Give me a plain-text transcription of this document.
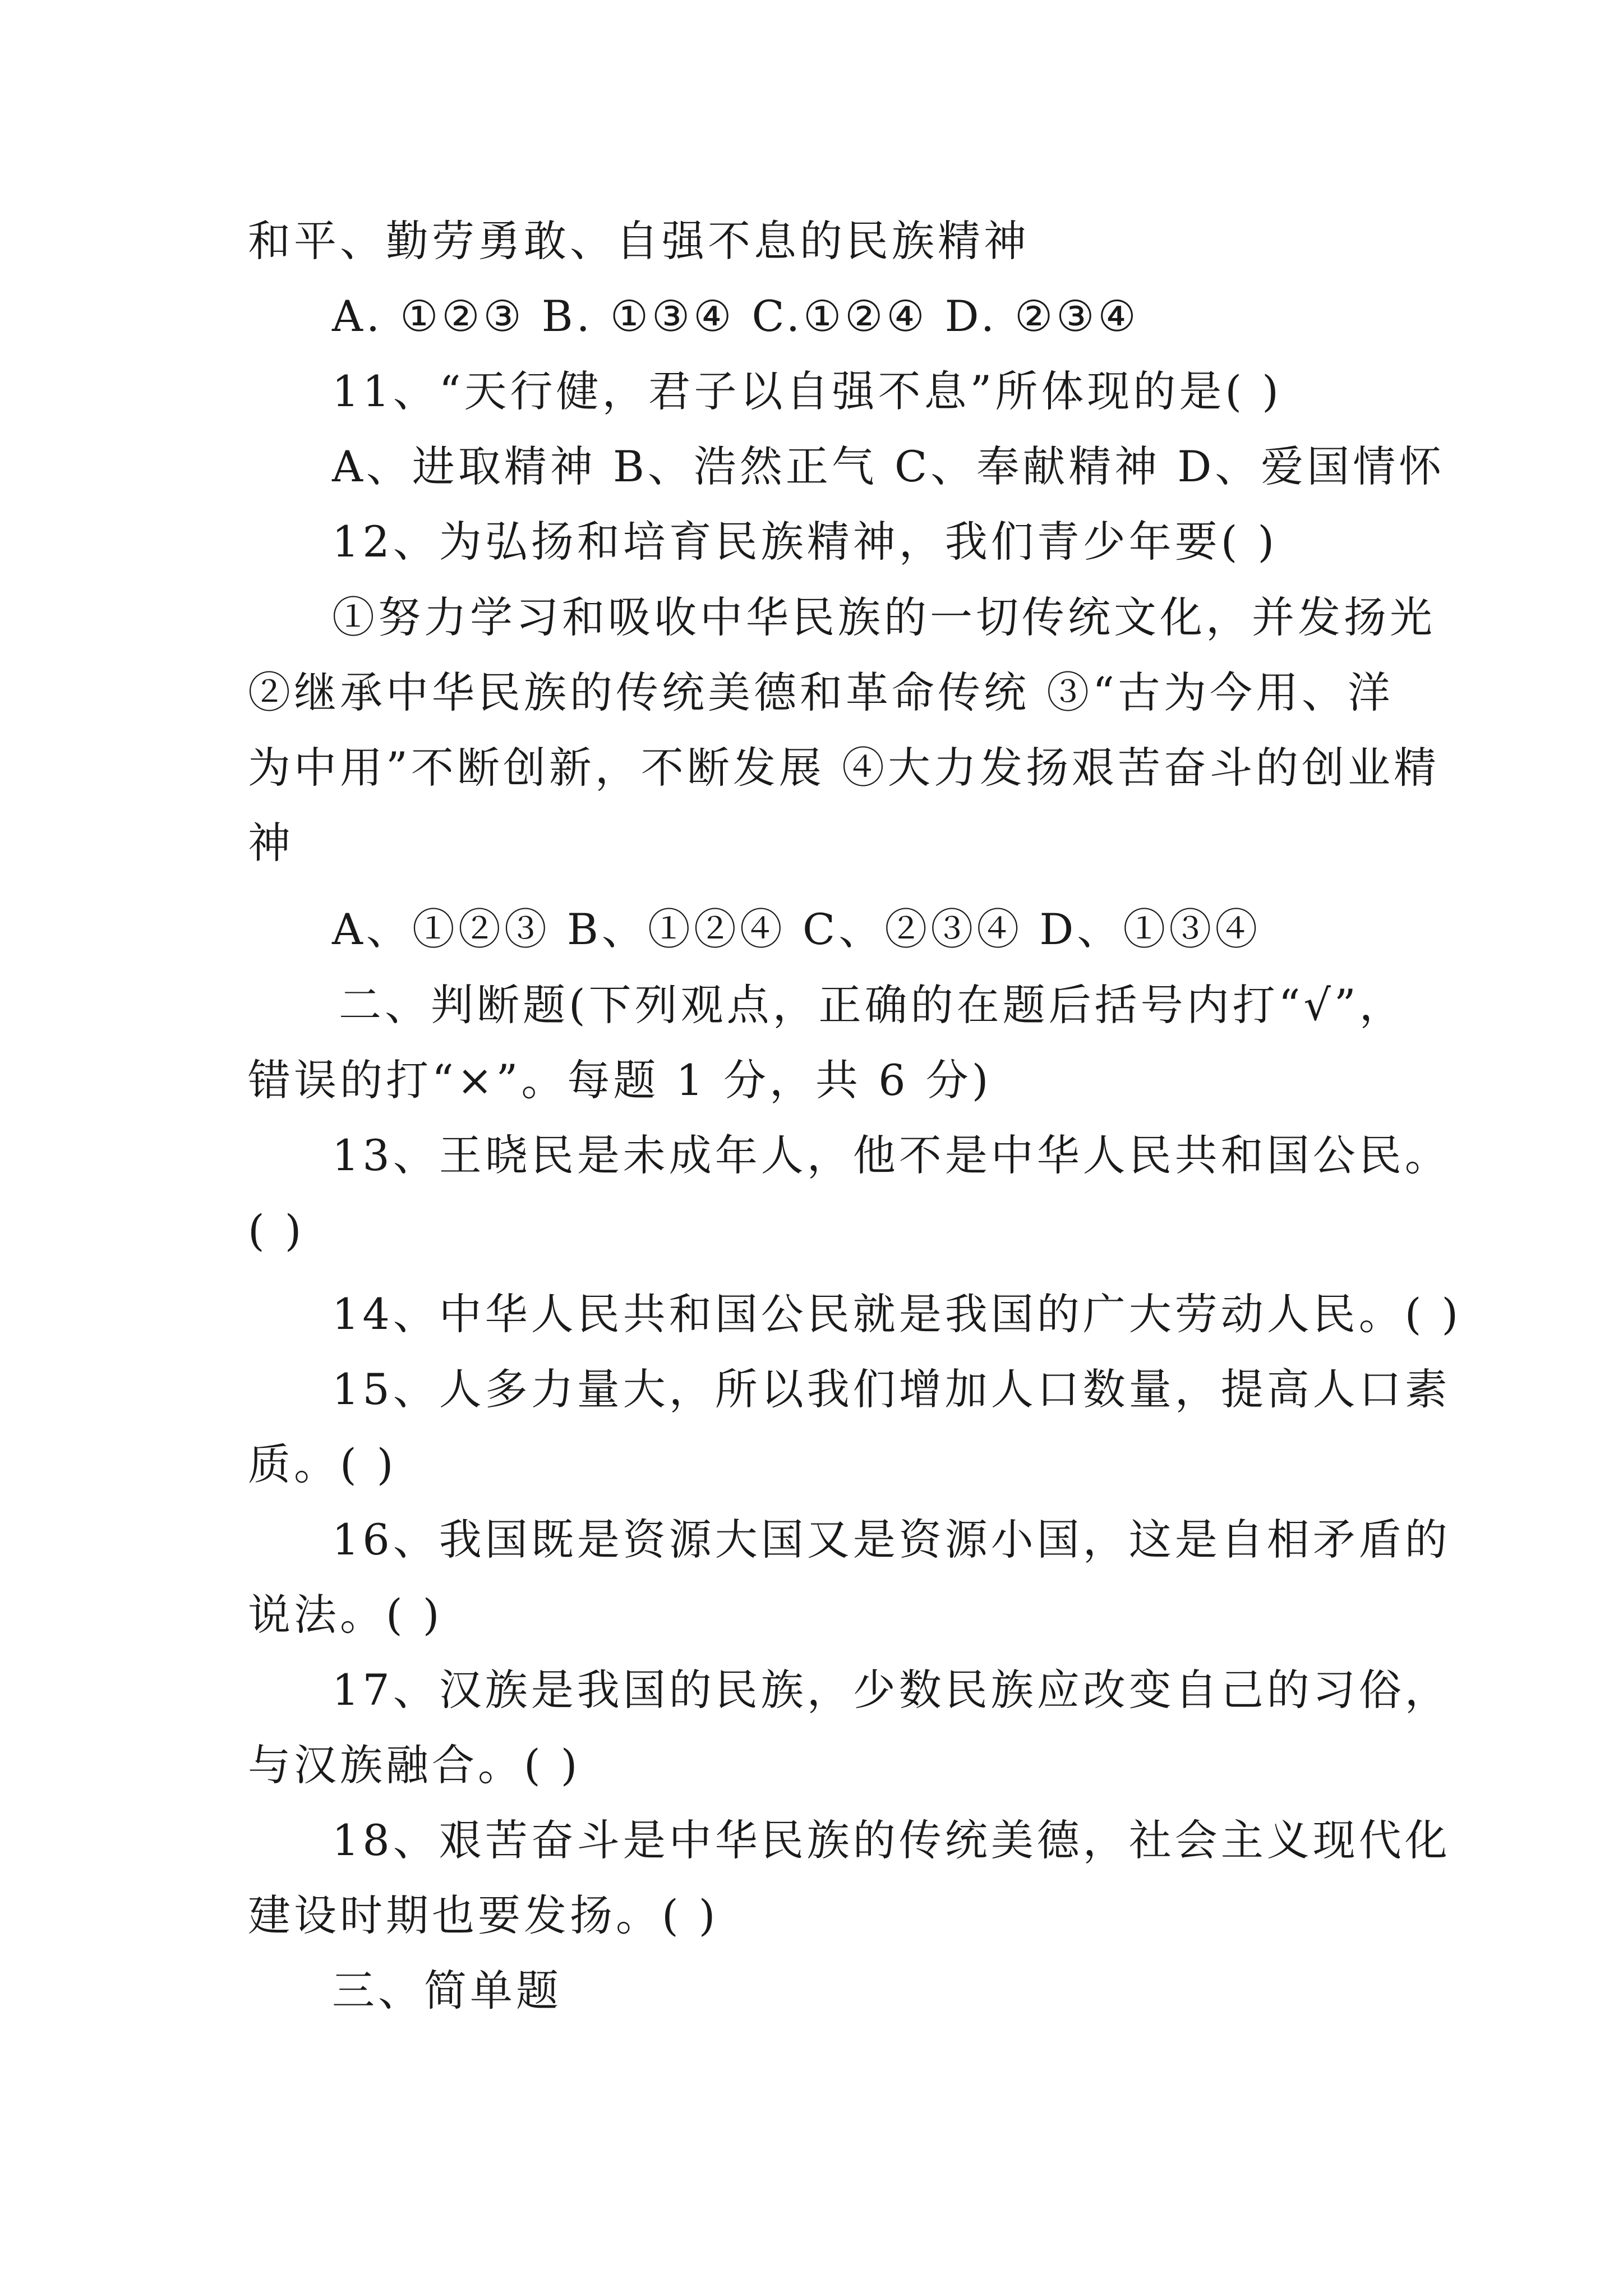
和平、勤劳勇敢、自强不息的民族精神
A. ①②③ B. ①③④ C.①②④ D. ②③④
11、“天行健，君子以自强不息”所体现的是( )
A、进取精神 B、浩然正气 C、奉献精神 D、爱国情怀
12、为弘扬和培育民族精神，我们青少年要( )
①努力学习和吸收中华民族的一切传统文化，并发扬光
②继承中华民族的传统美德和革命传统 ③“古为今用、洋
为中用”不断创新，不断发展 ④大力发扬艰苦奋斗的创业精
神
A、①②③ B、①②④ C、②③④ D、①③④
二、判断题(下列观点，正确的在题后括号内打“√”，
错误的打“×”。每题 1 分，共 6 分)
13、王晓民是未成年人，他不是中华人民共和国公民。
( )
14、中华人民共和国公民就是我国的广大劳动人民。( )
15、人多力量大，所以我们增加人口数量，提高人口素
质。( )
16、我国既是资源大国又是资源小国，这是自相矛盾的
说法。( )
17、汉族是我国的民族，少数民族应改变自己的习俗，
与汉族融合。( )
18、艰苦奋斗是中华民族的传统美德，社会主义现代化
建设时期也要发扬。( )
三、简单题
